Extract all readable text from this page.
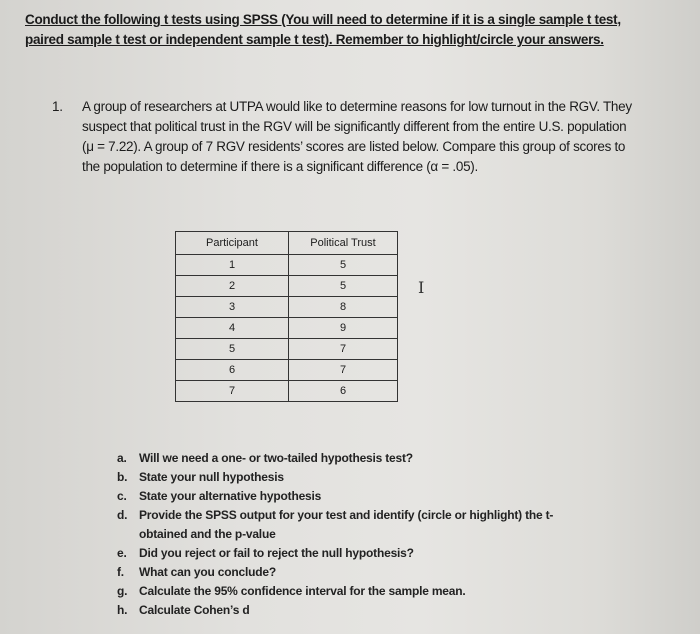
Conduct the following t tests using SPSS (You will need to determine if it is a single sample t test, paired sample t test or independent sample t test). Remember to highlight/circle your answers.
1.	A group of researchers at UTPA would like to determine reasons for low turnout in the RGV. They suspect that political trust in the RGV will be significantly different from the entire U.S. population (μ = 7.22). A group of 7 RGV residents’ scores are listed below. Compare this group of scores to the population to determine if there is a significant difference (α = .05).
Participant	Political Trust
1	5
2	5
3	8
4	9
5	7
6	7
7	6
I
a.	Will we need a one- or two-tailed hypothesis test?
b. State your null hypothesis
c.	State your alternative hypothesis
d. Provide the SPSS output for your test and identify (circle or highlight) the t-obtained and the p-value
e.	Did you reject or fail to reject the null hypothesis?
f.	What can you conclude?
g. Calculate the 95% confidence interval for the sample mean.
h. Calculate Cohen’s d
